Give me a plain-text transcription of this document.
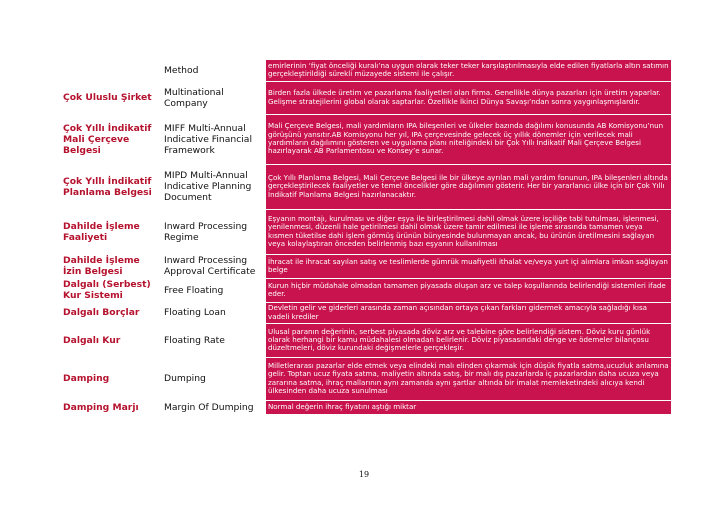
	Method	emirlerinin ‘fiyat önceliği kuralı’na uygun olarak teker teker karşılaştırılmasıyla elde edilen fiyatlarla altın satımın gerçekleştirildiği sürekli müzayede sistemi ile çalışır.
Çok Uluslu Şirket	Multinational Company	Birden fazla ülkede üretim ve pazarlama faaliyetleri olan firma. Genellikle dünya pazarları için üretim yaparlar. Gelişme stratejilerini global olarak saptarlar. Özellikle İkinci Dünya Savaşı’ndan sonra yaygınlaşmışlardır.
Çok Yıllı İndikatif Mali Çerçeve Belgesi	MIFF Multi-Annual Indicative Financial Framework	Mali Çerçeve Belgesi, mali yardımların IPA bileşenleri ve ülkeler bazında dağılımı konusunda AB Komisyonu’nun görüşünü yansıtır.AB Komisyonu her yıl, IPA çerçevesinde gelecek üç yıllık dönemler için verilecek mali yardımların dağılımını gösteren ve uygulama planı niteliğindeki bir Çok Yıllı İndikatif Mali Çerçeve Belgesi hazırlayarak AB Parlamentosu ve Konsey’e sunar.
Çok Yıllı İndikatif Planlama Belgesi	MIPD Multi-Annual Indicative Planning Document	Çok Yıllı Planlama Belgesi, Mali Çerçeve Belgesi ile bir ülkeye ayrılan mali yardım fonunun, IPA bileşenleri altında gerçekleştirilecek faaliyetler ve temel öncelikler göre dağılımını gösterir. Her bir yararlanıcı ülke için bir Çok Yıllı İndikatif Planlama Belgesi hazırlanacaktır.
Dahilde İşleme Faaliyeti	Inward Processing Regime	Eşyanın montajı, kurulması ve diğer eşya ile birleştirilmesi dahil olmak üzere işçiliğe tabi tutulması, işlenmesi, yenilenmesi, düzenli hale getirilmesi dahil olmak üzere tamir edilmesi ile işleme sırasında tamamen veya kısmen tüketilse dahi işlem görmüş ürünün bünyesinde bulunmayan ancak, bu ürünün üretilmesini sağlayan veya kolaylaştıran önceden belirlenmiş bazı eşyanın kullanılması
Dahilde İşleme İzin Belgesi	Inward Processing Approval Certificate	İhracat ile ihracat sayılan satış ve teslimlerde gümrük muafiyetli ithalat ve/veya yurt içi alımlara imkan sağlayan belge
Dalgalı (Serbest) Kur Sistemi	Free Floating	Kurun hiçbir müdahale olmadan tamamen piyasada oluşan arz ve talep koşullarında belirlendiği sistemleri ifade eder.
Dalgalı Borçlar	Floating Loan	Devletin gelir ve giderleri arasında zaman açısından ortaya çıkan farkları gidermek amacıyla sağladığı kısa vadeli krediler
Dalgalı Kur	Floating Rate	Ulusal paranın değerinin, serbest piyasada döviz arz ve talebine göre belirlendiği sistem. Döviz kuru günlük olarak herhangi bir kamu müdahalesi olmadan belirlenir. Döviz piyasasındaki denge ve ödemeler bilançosu düzeltmeleri, döviz kurundaki değişmelerle gerçekleşir.
Damping	Dumping	Milletlerarası pazarlar elde etmek veya elindeki malı elinden çıkarmak için düşük fiyatla satma,ucuzluk anlamına gelir. Toptan ucuz fiyata satma, maliyetin altında satış, bir malı dış pazarlarda iç pazarlardan daha ucuza veya zararına satma, ihraç mallarının aynı zamanda aynı şartlar altında bir imalat memleketindeki alıcıya kendi ülkesinden daha ucuza sunulması
Damping Marjı	Margin Of Dumping	Normal değerin ihraç fiyatını aştığı miktar
19
